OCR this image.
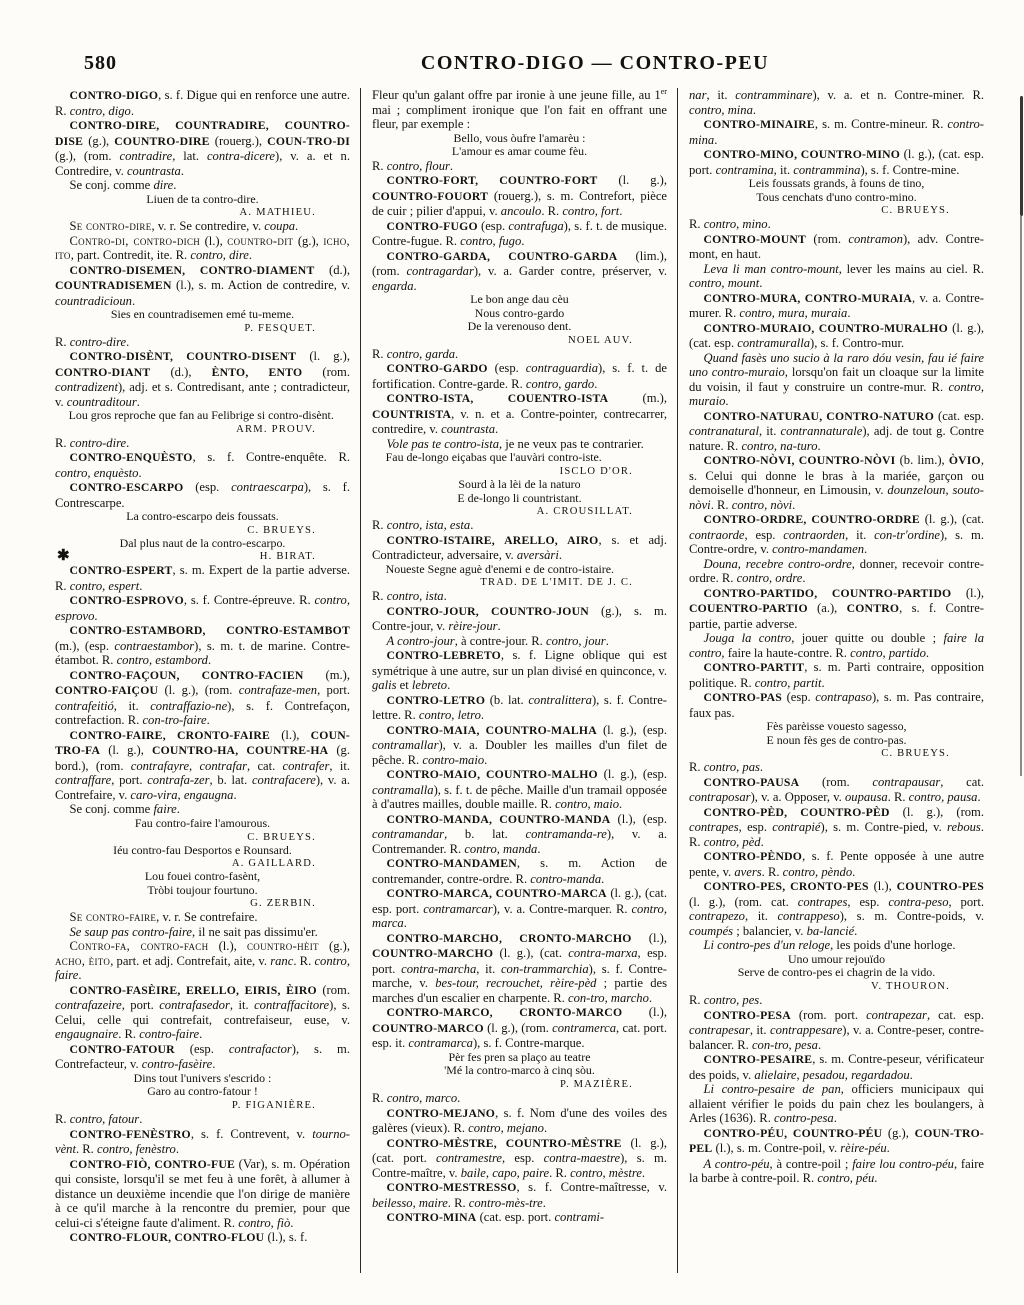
580	CONTRO-DIGO — CONTRO-PEU

CONTRO-DIGO, s. f. Digue qui en renforce une autre. R. contro, digo.

CONTRO-DIRE, COUNTRADIRE, COUNTRO-DISE (g.), COUNTRO-DIRE (rouerg.), COUN-TRO-DI (g.), (rom. contradire, lat. contra-dicere), v. a. et n. Contredire, v. countrasta.

Se conj. comme dire.

Liuen de ta contro-dire.
A. MATHIEU.

Se contro-dire, v. r. Se contredire, v. coupa.

Contro-di, contro-dich (l.), countro-dit (g.), icho, ito, part. Contredit, ite. R. contro, dire.

CONTRO-DISEMEN, CONTRO-DIAMENT (d.), COUNTRADISEMEN (l.), s. m. Action de contredire, v. countradicioun.

Sies en countradisemen emé tu-meme.
P. FESQUET.

R. contro-dire.

CONTRO-DISÈNT, COUNTRO-DISENT (l. g.), CONTRO-DIANT (d.), ÈNTO, ENTO (rom. contradizent), adj. et s. Contredisant, ante ; contradicteur, v. countraditour.

Lou gros reproche que fan au Felibrige si contro-disènt.

ARM. PROUV.

R. contro-dire.

CONTRO-ENQUÈSTO, s. f. Contre-enquête. R. contro, enquèsto.

CONTRO-ESCARPO (esp. contraescarpa), s. f. Contrescarpe.

La contro-escarpo deis foussats.
C. BRUEYS.
Dal plus naut de la contro-escarpo.
H. BIRAT.

CONTRO-ESPERT, s. m. Expert de la partie adverse. R. contro, espert.

CONTRO-ESPROVO, s. f. Contre-épreuve. R. contro, esprovo.

CONTRO-ESTAMBORD, CONTRO-ESTAMBOT (m.), (esp. contraestambor), s. m. t. de marine. Contre-étambot. R. contro, estambord.

CONTRO-FAÇOUN, CONTRO-FACIEN (m.), CONTRO-FAIÇOU (l. g.), (rom. contrafaze-men, port. contrafeitió, it. contraffazio-ne), s. f. Contrefaçon, contrefaction. R. con-tro-faire.

CONTRO-FAIRE, CRONTO-FAIRE (l.), COUN-TRO-FA (l. g.), COUNTRO-HA, COUNTRE-HA (g. bord.), (rom. contrafayre, contrafar, cat. contrafer, it. contraffare, port. contrafa-zer, b. lat. contrafacere), v. a. Contrefaire, v. caro-vira, engaugna.

Se conj. comme faire.

Fau contro-faire l'amourous.
C. BRUEYS.
Iéu contro-fau Desportos e Rounsard.
A. GAILLARD.
Lou fouei contro-fasènt,
Tròbi toujour fourtuno.
G. ZERBIN.

Se contro-faire, v. r. Se contrefaire.

Se saup pas contro-faire, il ne sait pas dissimu'er.

Contro-fa, contro-fach (l.), countro-hèit (g.), acho, èito, part. et adj. Contrefait, aite, v. ranc. R. contro, faire.

CONTRO-FASÈIRE, ERELLO, EIRIS, ÈIRO (rom. contrafazeire, port. contrafasedor, it. contraffacitore), s. Celui, celle qui contrefait, contrefaiseur, euse, v. engaugnaire. R. contro-faire.

CONTRO-FATOUR (esp. contrafactor), s. m. Contrefacteur, v. contro-fasèire.

Dins tout l'univers s'escrido :
Garo au contro-fatour !
P. FIGANIÈRE.

R. contro, fatour.

CONTRO-FENÈSTRO, s. f. Contrevent, v. tourno-vènt. R. contro, fenèstro.

CONTRO-FIÒ, CONTRO-FUE (Var), s. m. Opération qui consiste, lorsqu'il se met feu à une forêt, à allumer à distance un deuxième incendie que l'on dirige de manière à ce qu'il marche à la rencontre du premier, pour que celui-ci s'éteigne faute d'aliment. R. contro, fiò.

CONTRO-FLOUR, CONTRO-FLOU (l.), s. f.

Fleur qu'un galant offre par ironie à une jeune fille, au 1er mai ; compliment ironique que l'on fait en offrant une fleur, par exemple :

Bello, vous òufre l'amarèu :
L'amour es amar coume fèu.

R. contro, flour.

CONTRO-FORT, COUNTRO-FORT (l. g.), COUNTRO-FOUORT (rouerg.), s. m. Contrefort, pièce de cuir ; pilier d'appui, v. ancoulo. R. contro, fort.

CONTRO-FUGO (esp. contrafuga), s. f. t. de musique. Contre-fugue. R. contro, fugo.

CONTRO-GARDA, COUNTRO-GARDA (lim.), (rom. contragardar), v. a. Garder contre, préserver, v. engarda.

Le bon ange dau cèu
Nous contro-gardo
De la verenouso dent.
NOEL AUV.

R. contro, garda.

CONTRO-GARDO (esp. contraguardia), s. f. t. de fortification. Contre-garde. R. contro, gardo.

CONTRO-ISTA, COUENTRO-ISTA (m.), COUNTRISTA, v. n. et a. Contre-pointer, contrecarrer, contredire, v. countrasta.

Vole pas te contro-ista, je ne veux pas te contrarier.

Fau de-longo eiçabas que l'auvàri contro-iste.

ISCLO D'OR.
Sourd à la lèi de la naturo
E de-longo li countristant.
A. CROUSILLAT.

R. contro, ista, esta.

CONTRO-ISTAIRE, ARELLO, AIRO, s. et adj. Contradicteur, adversaire, v. aversàri.

Noueste Segne aguè d'enemi e de contro-istaire.

TRAD. DE L'IMIT. DE J. C.

R. contro, ista.

CONTRO-JOUR, COUNTRO-JOUN (g.), s. m. Contre-jour, v. rèire-jour.

A contro-jour, à contre-jour. R. contro, jour.

CONTRO-LEBRETO, s. f. Ligne oblique qui est symétrique à une autre, sur un plan divisé en quinconce, v. galis et lebreto.

CONTRO-LETRO (b. lat. contralittera), s. f. Contre-lettre. R. contro, letro.

CONTRO-MAIA, COUNTRO-MALHA (l. g.), (esp. contramallar), v. a. Doubler les mailles d'un filet de pêche. R. contro-maio.

CONTRO-MAIO, COUNTRO-MALHO (l. g.), (esp. contramalla), s. f. t. de pêche. Maille d'un tramail opposée à d'autres mailles, double maille. R. contro, maio.

CONTRO-MANDA, COUNTRO-MANDA (l.), (esp. contramandar, b. lat. contramanda-re), v. a. Contremander. R. contro, manda.

CONTRO-MANDAMEN, s. m. Action de contremander, contre-ordre. R. contro-manda.

CONTRO-MARCA, COUNTRO-MARCA (l. g.), (cat. esp. port. contramarcar), v. a. Contre-marquer. R. contro, marca.

CONTRO-MARCHO, CRONTO-MARCHO (l.), COUNTRO-MARCHO (l. g.), (cat. contra-marxa, esp. port. contra-marcha, it. con-trammarchia), s. f. Contre-marche, v. bes-tour, recrouchet, rèire-pèd ; partie des marches d'un escalier en charpente. R. con-tro, marcho.

CONTRO-MARCO, CRONTO-MARCO (l.), COUNTRO-MARCO (l. g.), (rom. contramerca, cat. port. esp. it. contramarca), s. f. Contre-marque.

Pèr fes pren sa plaço au teatre
'Mé la contro-marco à cinq sòu.
P. MAZIÈRE.

R. contro, marco.

CONTRO-MEJANO, s. f. Nom d'une des voiles des galères (vieux). R. contro, mejano.

CONTRO-MÈSTRE, COUNTRO-MÈSTRE (l. g.), (cat. port. contramestre, esp. contra-maestre), s. m. Contre-maître, v. baile, capo, paire. R. contro, mèstre.

CONTRO-MESTRESSO, s. f. Contre-maîtresse, v. beilesso, maire. R. contro-mès-tre.

CONTRO-MINA (cat. esp. port. contrami-

nar, it. contramminare), v. a. et n. Contre-miner. R. contro, mina.

CONTRO-MINAIRE, s. m. Contre-mineur. R. contro-mina.

CONTRO-MINO, COUNTRO-MINO (l. g.), (cat. esp. port. contramina, it. contrammina), s. f. Contre-mine.

Leis foussats grands, à founs de tino,
Tous cenchats d'uno contro-mino.
C. BRUEYS.

R. contro, mino.

CONTRO-MOUNT (rom. contramon), adv. Contre-mont, en haut.

Leva li man contro-mount, lever les mains au ciel. R. contro, mount.

CONTRO-MURA, CONTRO-MURAIA, v. a. Contre-murer. R. contro, mura, muraia.

CONTRO-MURAIO, COUNTRO-MURALHO (l. g.), (cat. esp. contramuralla), s. f. Contro-mur.

Quand fasès uno sucio à la raro dóu vesin, fau ié faire uno contro-muraio, lorsqu'on fait un cloaque sur la limite du voisin, il faut y construire un contre-mur. R. contro, muraio.

CONTRO-NATURAU, CONTRO-NATURO (cat. esp. contranatural, it. contrannaturale), adj. de tout g. Contre nature. R. contro, na-turo.

CONTRO-NÒVI, COUNTRO-NÒVI (b. lim.), ÒVIO, s. Celui qui donne le bras à la mariée, garçon ou demoiselle d'honneur, en Limousin, v. dounzeloun, souto-nòvi. R. contro, nòvi.

CONTRO-ORDRE, COUNTRO-ORDRE (l. g.), (cat. contraorde, esp. contraorden, it. con-tr'ordine), s. m. Contre-ordre, v. contro-mandamen.

Douna, recebre contro-ordre, donner, recevoir contre-ordre. R. contro, ordre.

CONTRO-PARTIDO, COUNTRO-PARTIDO (l.), COUENTRO-PARTIO (a.), CONTRO, s. f. Contre-partie, partie adverse.

Jouga la contro, jouer quitte ou double ; faire la contro, faire la haute-contre. R. contro, partido.

CONTRO-PARTIT, s. m. Parti contraire, opposition politique. R. contro, partit.

CONTRO-PAS (esp. contrapaso), s. m. Pas contraire, faux pas.

Fès parèisse vouesto sagesso,
E noun fès ges de contro-pas.
C. BRUEYS.

R. contro, pas.

CONTRO-PAUSA (rom. contrapausar, cat. contraposar), v. a. Opposer, v. oupausa. R. contro, pausa.

CONTRO-PÈD, COUNTRO-PÈD (l. g.), (rom. contrapes, esp. contrapié), s. m. Contre-pied, v. rebous. R. contro, pèd.

CONTRO-PÈNDO, s. f. Pente opposée à une autre pente, v. avers. R. contro, pèndo.

CONTRO-PES, CRONTO-PES (l.), COUNTRO-PES (l. g.), (rom. cat. contrapes, esp. contra-peso, port. contrapezo, it. contrappeso), s. m. Contre-poids, v. coumpés ; balancier, v. ba-lancié.

Li contro-pes d'un reloge, les poids d'une horloge.

Uno umour rejouïdo
Serve de contro-pes ei chagrin de la vido.
V. THOURON.

R. contro, pes.

CONTRO-PESA (rom. port. contrapezar, cat. esp. contrapesar, it. contrappesare), v. a. Contre-peser, contre-balancer. R. con-tro, pesa.

CONTRO-PESAIRE, s. m. Contre-peseur, vérificateur des poids, v. alielaire, pesadou, regardadou.

Li contro-pesaire de pan, officiers municipaux qui allaient vérifier le poids du pain chez les boulangers, à Arles (1636). R. contro-pesa.

CONTRO-PÉU, COUNTRO-PÉU (g.), COUN-TRO-PEL (l.), s. m. Contre-poil, v. rèire-péu.

A contro-péu, à contre-poil ; faire lou contro-péu, faire la barbe à contre-poil. R. contro, péu.

✱
